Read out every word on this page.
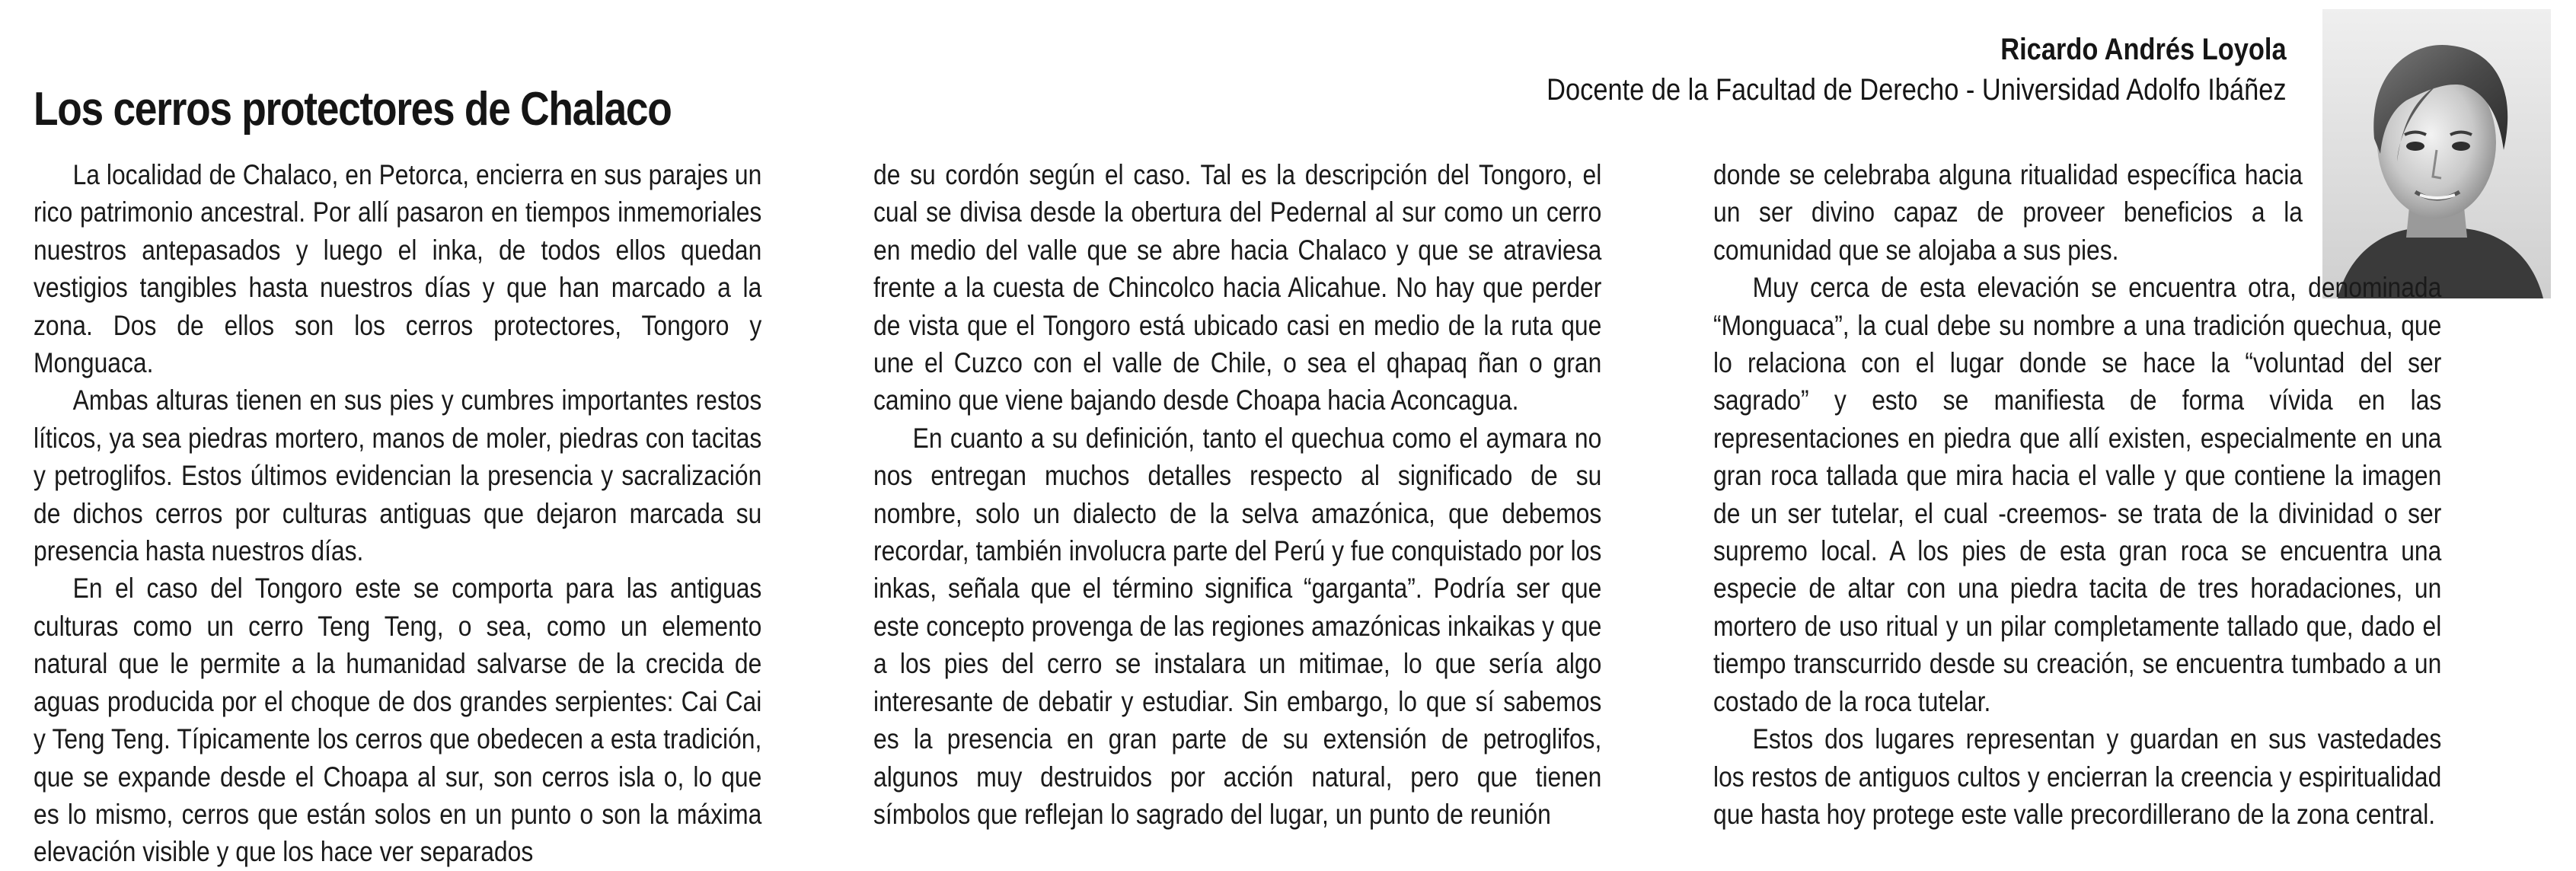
Los cerros protectores de Chalaco
Ricardo Andrés Loyola
Docente de la Facultad de Derecho - Universidad Adolfo Ibáñez

La localidad de Chalaco, en Petorca, encierra en sus parajes un rico patrimonio ancestral. Por allí pasaron en tiempos inmemoriales nuestros antepasados y luego el inka, de todos ellos quedan vestigios tangibles hasta nuestros días y que han marcado a la zona. Dos de ellos son los cerros protectores, Tongoro y Monguaca.

Ambas alturas tienen en sus pies y cumbres importantes restos líticos, ya sea piedras mortero, manos de moler, piedras con tacitas y petroglifos. Estos últimos evidencian la presencia y sacralización de dichos cerros por culturas antiguas que dejaron marcada su presencia hasta nuestros días.

En el caso del Tongoro este se comporta para las antiguas culturas como un cerro Teng Teng, o sea, como un elemento natural que le permite a la humanidad salvarse de la crecida de aguas producida por el choque de dos grandes serpientes: Cai Cai y Teng Teng. Típicamente los cerros que obedecen a esta tradición, que se expande desde el Choapa al sur, son cerros isla o, lo que es lo mismo, cerros que están solos en un punto o son la máxima elevación visible y que los hace ver separados

de su cordón según el caso. Tal es la descripción del Tongoro, el cual se divisa desde la obertura del Pedernal al sur como un cerro en medio del valle que se abre hacia Chalaco y que se atraviesa frente a la cuesta de Chincolco hacia Alicahue. No hay que perder de vista que el Tongoro está ubicado casi en medio de la ruta que une el Cuzco con el valle de Chile, o sea el qhapaq ñan o gran camino que viene bajando desde Choapa hacia Aconcagua.

En cuanto a su definición, tanto el quechua como el aymara no nos entregan muchos detalles respecto al significado de su nombre, solo un dialecto de la selva amazónica, que debemos recordar, también involucra parte del Perú y fue conquistado por los inkas, señala que el término significa “garganta”. Podría ser que este concepto provenga de las regiones amazónicas inkaikas y que a los pies del cerro se instalara un mitimae, lo que sería algo interesante de debatir y estudiar. Sin embargo, lo que sí sabemos es la presencia en gran parte de su extensión de petroglifos, algunos muy destruidos por acción natural, pero que tienen símbolos que reflejan lo sagrado del lugar, un punto de reunión

donde se celebraba alguna ritualidad específica hacia un ser divino capaz de proveer beneficios a la comunidad que se alojaba a sus pies.

Muy cerca de esta elevación se encuentra otra, denominada “Monguaca”, la cual debe su nombre a una tradición quechua, que lo relaciona con el lugar donde se hace la “voluntad del ser sagrado” y esto se manifiesta de forma vívida en las representaciones en piedra que allí existen, especialmente en una gran roca tallada que mira hacia el valle y que contiene la imagen de un ser tutelar, el cual -creemos- se trata de la divinidad o ser supremo local. A los pies de esta gran roca se encuentra una especie de altar con una piedra tacita de tres horadaciones, un mortero de uso ritual y un pilar completamente tallado que, dado el tiempo transcurrido desde su creación, se encuentra tumbado a un costado de la roca tutelar.

Estos dos lugares representan y guardan en sus vastedades los restos de antiguos cultos y encierran la creencia y espiritualidad que hasta hoy protege este valle precordillerano de la zona central.
